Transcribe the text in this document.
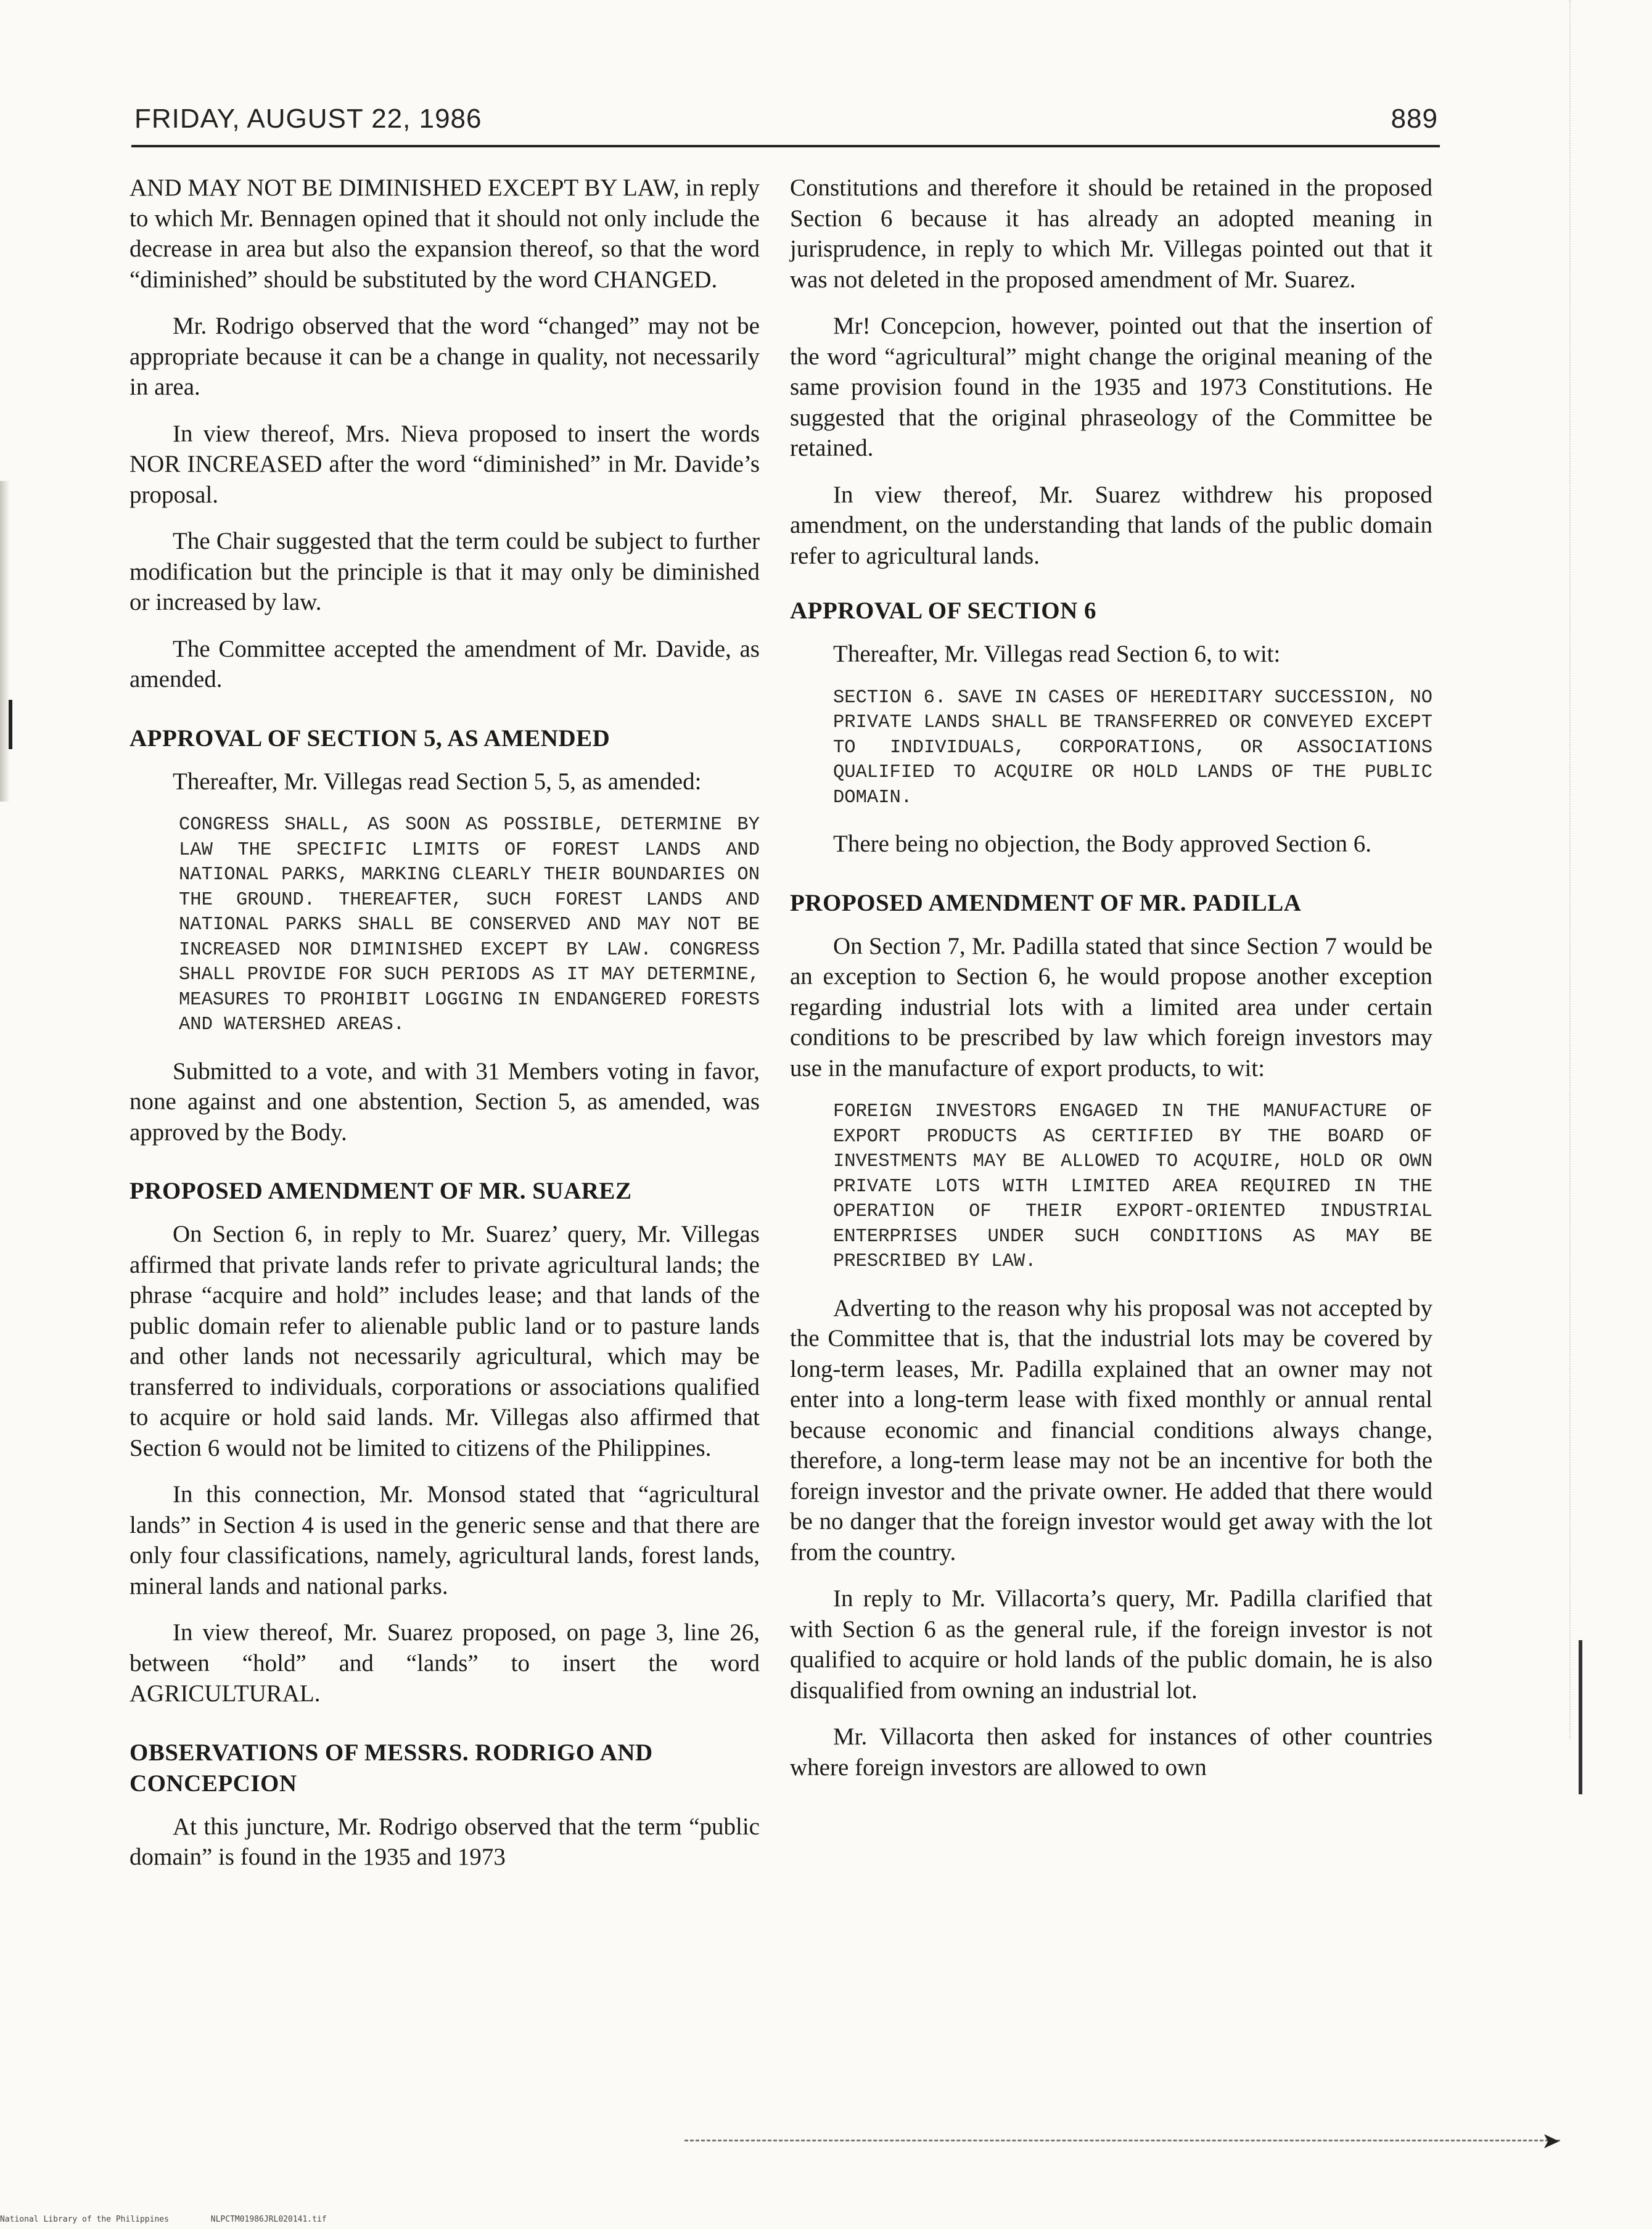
FRIDAY, AUGUST 22, 1986	889

AND MAY NOT BE DIMINISHED EXCEPT BY LAW, in reply to which Mr. Bennagen opined that it should not only include the decrease in area but also the expansion thereof, so that the word “diminished” should be substituted by the word CHANGED.

Mr. Rodrigo observed that the word “changed” may not be appropriate because it can be a change in quality, not necessarily in area.

In view thereof, Mrs. Nieva proposed to insert the words NOR INCREASED after the word “diminished” in Mr. Davide’s proposal.

The Chair suggested that the term could be subject to further modification but the principle is that it may only be diminished or increased by law.

The Committee accepted the amendment of Mr. Davide, as amended.

APPROVAL OF SECTION 5, AS AMENDED

Thereafter, Mr. Villegas read Section 5, 5, as amended:

CONGRESS SHALL, AS SOON AS POSSIBLE, DETERMINE BY LAW THE SPECIFIC LIMITS OF FOREST LANDS AND NATIONAL PARKS, MARKING CLEARLY THEIR BOUNDARIES ON THE GROUND. THEREAFTER, SUCH FOREST LANDS AND NATIONAL PARKS SHALL BE CONSERVED AND MAY NOT BE INCREASED NOR DIMINISHED EXCEPT BY LAW. CONGRESS SHALL PROVIDE FOR SUCH PERIODS AS IT MAY DETERMINE, MEASURES TO PROHIBIT LOGGING IN ENDANGERED FORESTS AND WATERSHED AREAS.

Submitted to a vote, and with 31 Members voting in favor, none against and one abstention, Section 5, as amended, was approved by the Body.

PROPOSED AMENDMENT OF MR. SUAREZ

On Section 6, in reply to Mr. Suarez’ query, Mr. Villegas affirmed that private lands refer to private agricultural lands; the phrase “acquire and hold” includes lease; and that lands of the public domain refer to alienable public land or to pasture lands and other lands not necessarily agricultural, which may be transferred to individuals, corporations or associations qualified to acquire or hold said lands. Mr. Villegas also affirmed that Section 6 would not be limited to citizens of the Philippines.

In this connection, Mr. Monsod stated that “agricultural lands” in Section 4 is used in the generic sense and that there are only four classifications, namely, agricultural lands, forest lands, mineral lands and national parks.

In view thereof, Mr. Suarez proposed, on page 3, line 26, between “hold” and “lands” to insert the word AGRICULTURAL.

OBSERVATIONS OF MESSRS. RODRIGO AND CONCEPCION

At this juncture, Mr. Rodrigo observed that the term “public domain” is found in the 1935 and 1973

Constitutions and therefore it should be retained in the proposed Section 6 because it has already an adopted meaning in jurisprudence, in reply to which Mr. Villegas pointed out that it was not deleted in the proposed amendment of Mr. Suarez.

Mr! Concepcion, however, pointed out that the insertion of the word “agricultural” might change the original meaning of the same provision found in the 1935 and 1973 Constitutions. He suggested that the original phraseology of the Committee be retained.

In view thereof, Mr. Suarez withdrew his proposed amendment, on the understanding that lands of the public domain refer to agricultural lands.

APPROVAL OF SECTION 6

Thereafter, Mr. Villegas read Section 6, to wit:

SECTION 6. SAVE IN CASES OF HEREDITARY SUCCESSION, NO PRIVATE LANDS SHALL BE TRANSFERRED OR CONVEYED EXCEPT TO INDIVIDUALS, CORPORATIONS, OR ASSOCIATIONS QUALIFIED TO ACQUIRE OR HOLD LANDS OF THE PUBLIC DOMAIN.

There being no objection, the Body approved Section 6.

PROPOSED AMENDMENT OF MR. PADILLA

On Section 7, Mr. Padilla stated that since Section 7 would be an exception to Section 6, he would propose another exception regarding industrial lots with a limited area under certain conditions to be prescribed by law which foreign investors may use in the manufacture of export products, to wit:

FOREIGN INVESTORS ENGAGED IN THE MANUFACTURE OF EXPORT PRODUCTS AS CERTIFIED BY THE BOARD OF INVESTMENTS MAY BE ALLOWED TO ACQUIRE, HOLD OR OWN PRIVATE LOTS WITH LIMITED AREA REQUIRED IN THE OPERATION OF THEIR EXPORT-ORIENTED INDUSTRIAL ENTERPRISES UNDER SUCH CONDITIONS AS MAY BE PRESCRIBED BY LAW.

Adverting to the reason why his proposal was not accepted by the Committee that is, that the industrial lots may be covered by long-term leases, Mr. Padilla explained that an owner may not enter into a long-term lease with fixed monthly or annual rental because economic and financial conditions always change, therefore, a long-term lease may not be an incentive for both the foreign investor and the private owner. He added that there would be no danger that the foreign investor would get away with the lot from the country.

In reply to Mr. Villacorta’s query, Mr. Padilla clarified that with Section 6 as the general rule, if the foreign investor is not qualified to acquire or hold lands of the public domain, he is also disqualified from owning an industrial lot.

Mr. Villacorta then asked for instances of other countries where foreign investors are allowed to own

➤
National Library of the Philippines	NLPCTM01986JRL020141.tif
